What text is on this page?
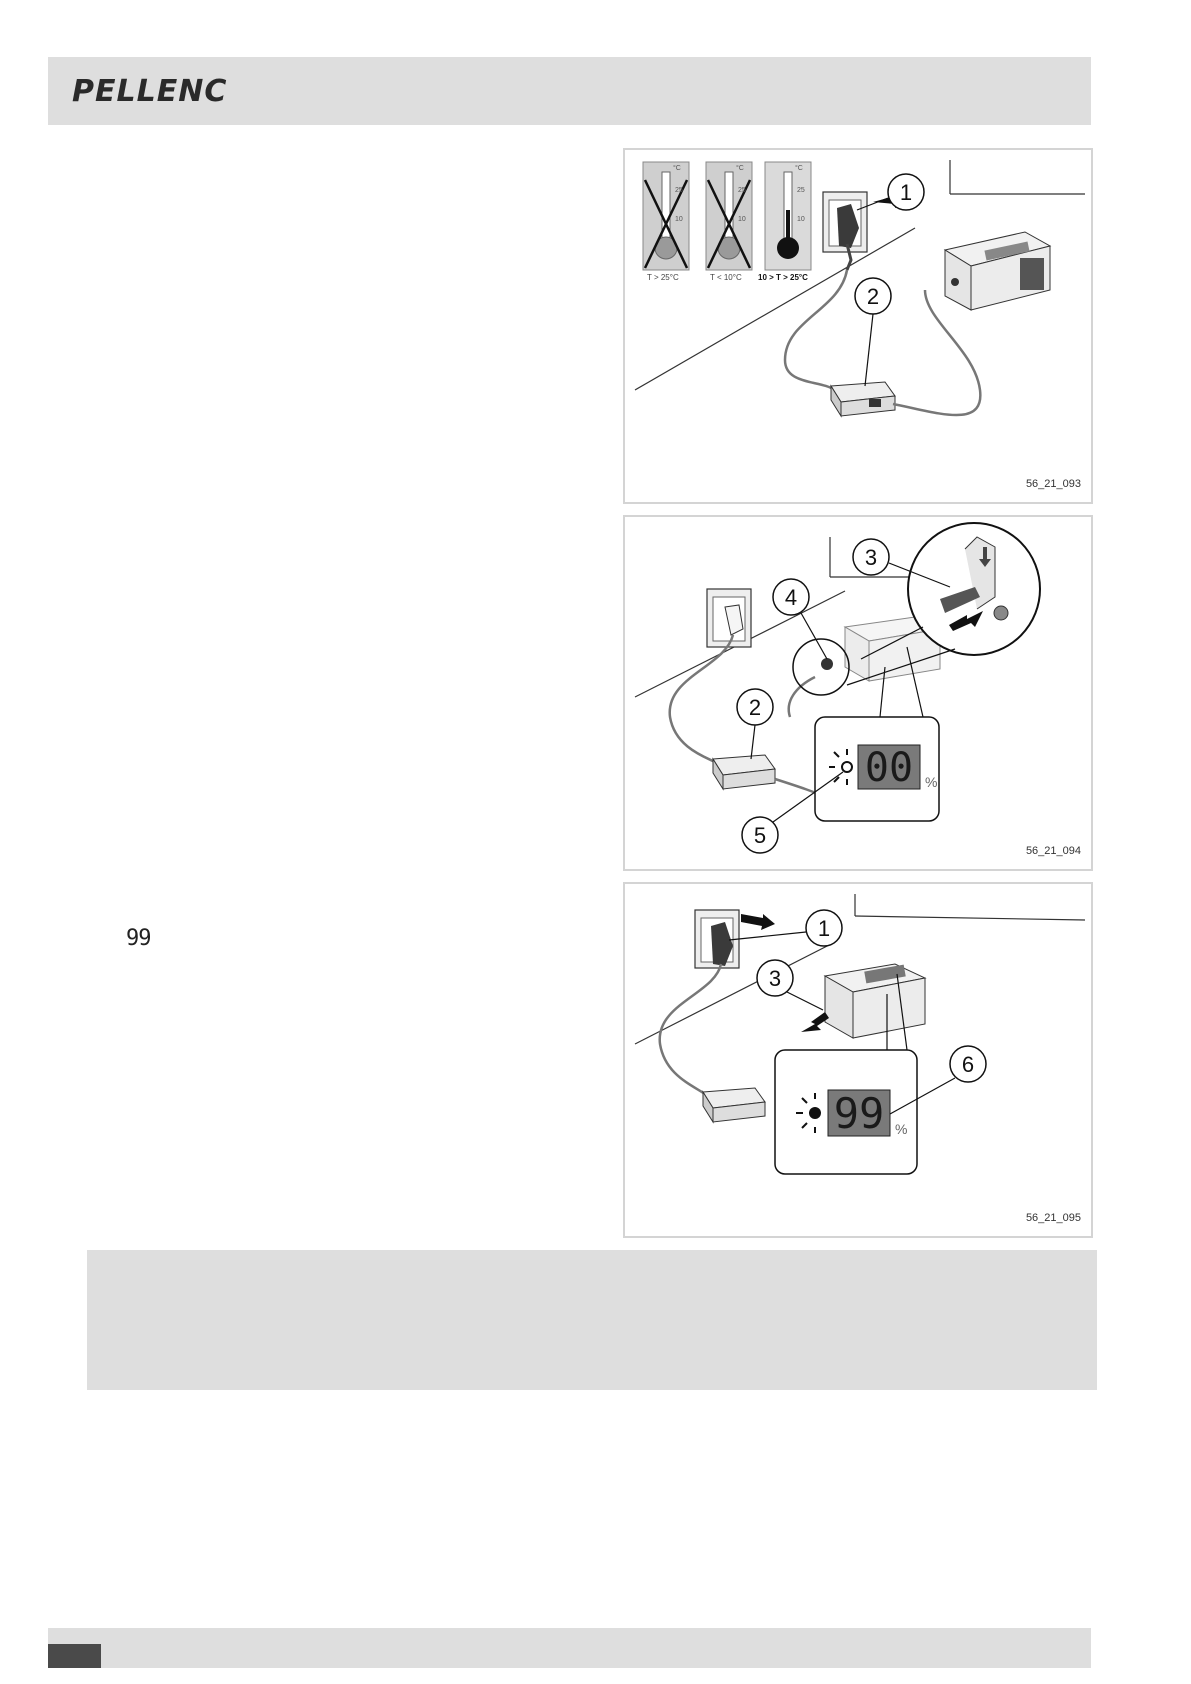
PELLENC
°C
25
10
T > 25°C
°C
25
10
T < 10°C
°C
25
10
10 > T > 25°C
1
2
56_21_093
00 %
3
4
2
5
56_21_094
99
99 %
1
3
6
56_21_095
